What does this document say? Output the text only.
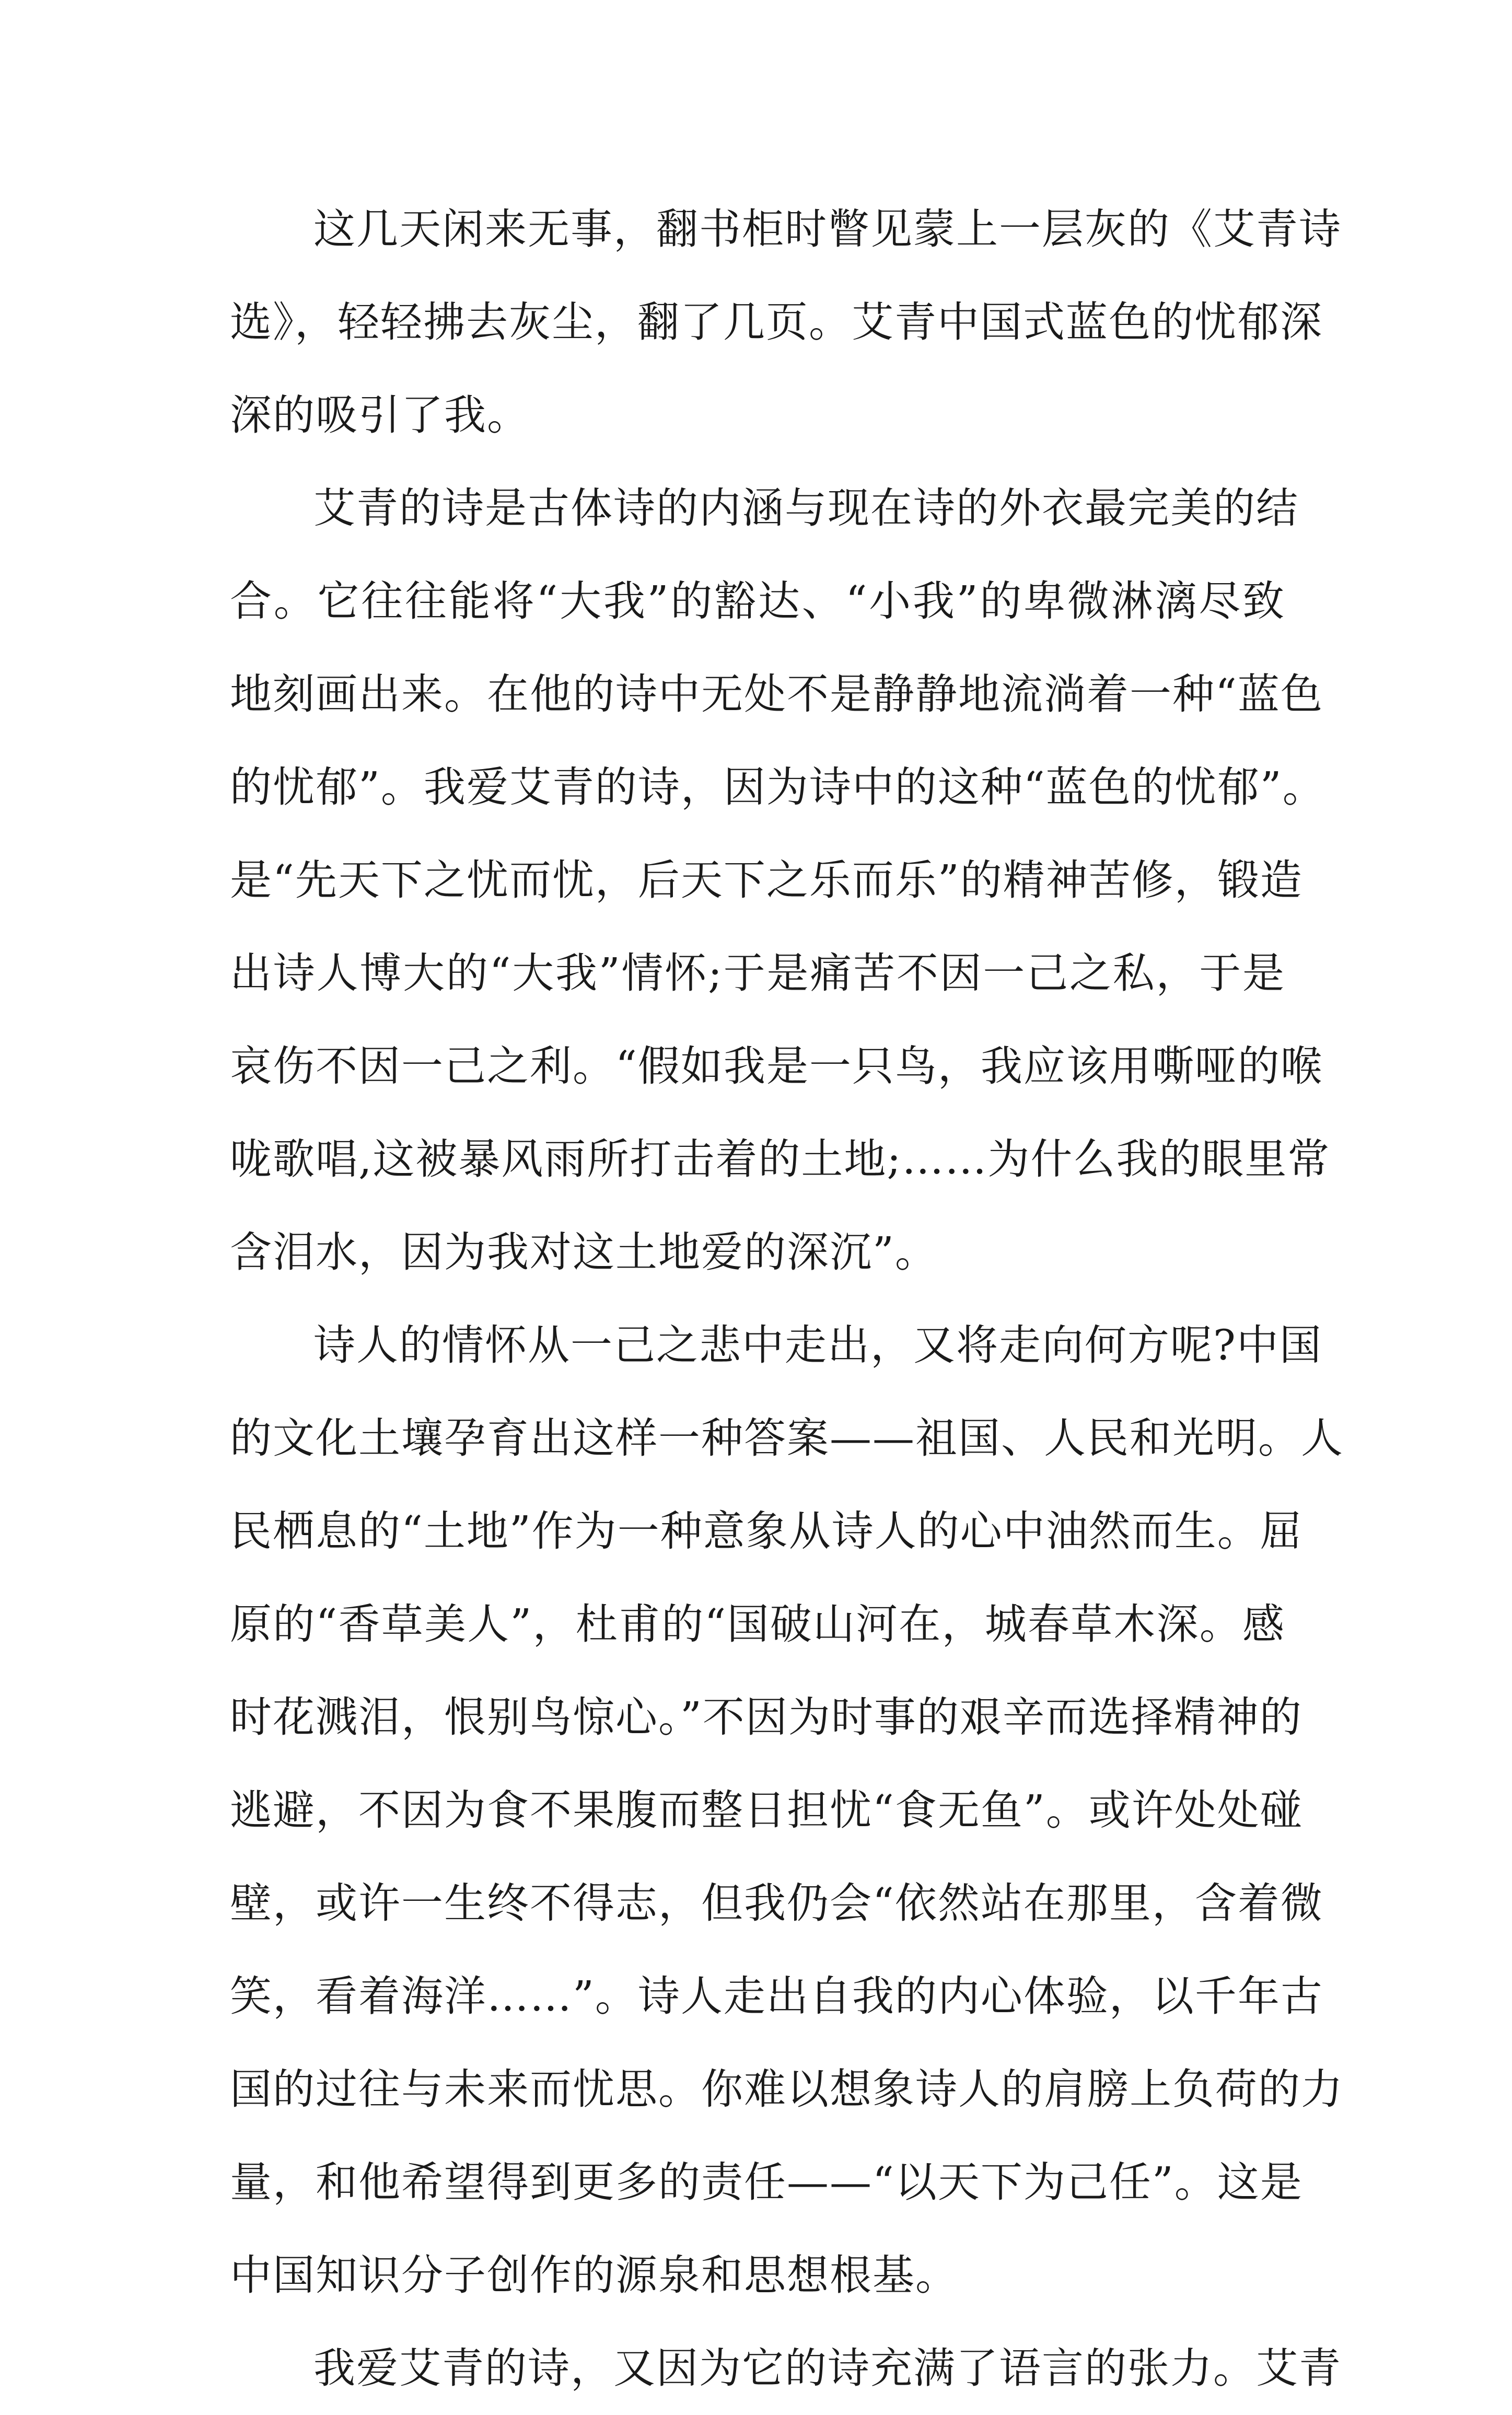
这几天闲来无事，翻书柜时瞥见蒙上一层灰的《艾青诗
选》，轻轻拂去灰尘，翻了几页。艾青中国式蓝色的忧郁深
深的吸引了我。
艾青的诗是古体诗的内涵与现在诗的外衣最完美的结
合。它往往能将“大我”的豁达、“小我”的卑微淋漓尽致
地刻画出来。在他的诗中无处不是静静地流淌着一种“蓝色
的忧郁”。我爱艾青的诗，因为诗中的这种“蓝色的忧郁”。
是“先天下之忧而忧，后天下之乐而乐”的精神苦修，锻造
出诗人博大的“大我”情怀;于是痛苦不因一己之私，于是
哀伤不因一己之利。“假如我是一只鸟，我应该用嘶哑的喉
咙歌唱,这被暴风雨所打击着的土地;……为什么我的眼里常
含泪水，因为我对这土地爱的深沉”。
诗人的情怀从一己之悲中走出，又将走向何方呢?中国
的文化土壤孕育出这样一种答案——祖国、人民和光明。人
民栖息的“土地”作为一种意象从诗人的心中油然而生。屈
原的“香草美人”，杜甫的“国破山河在，城春草木深。感
时花溅泪，恨别鸟惊心。”不因为时事的艰辛而选择精神的
逃避，不因为食不果腹而整日担忧“食无鱼”。或许处处碰
壁，或许一生终不得志，但我仍会“依然站在那里，含着微
笑，看着海洋……”。诗人走出自我的内心体验，以千年古
国的过往与未来而忧思。你难以想象诗人的肩膀上负荷的力
量，和他希望得到更多的责任——“以天下为己任”。这是
中国知识分子创作的源泉和思想根基。
我爱艾青的诗，又因为它的诗充满了语言的张力。艾青
